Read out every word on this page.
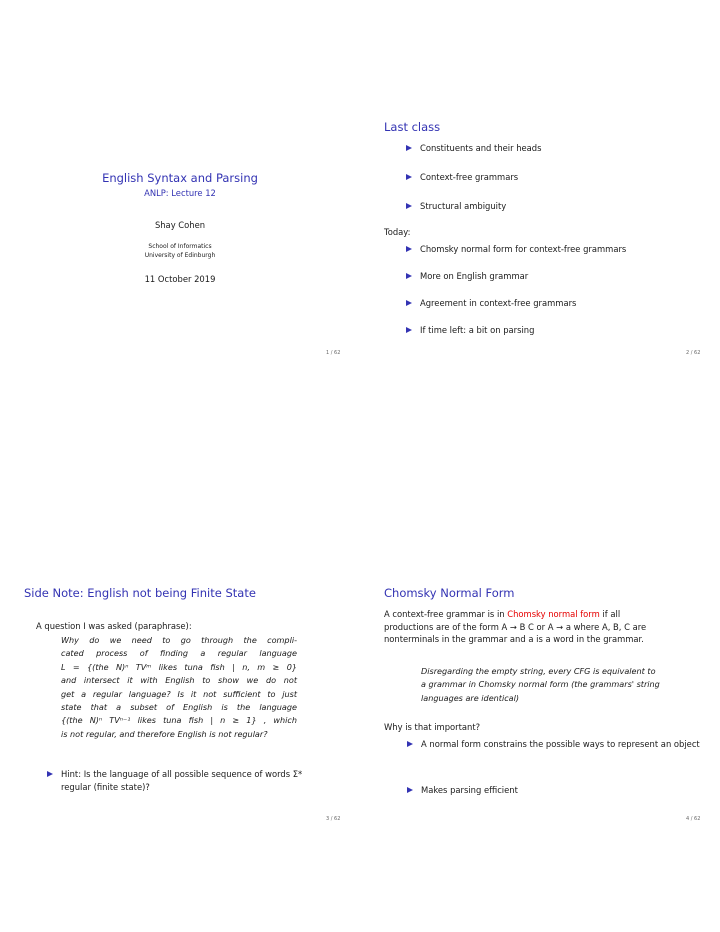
English Syntax and Parsing
ANLP: Lecture 12
Shay Cohen
School of Informatics
University of Edinburgh
11 October 2019
1 / 62
Last class
Constituents and their heads
Context-free grammars
Structural ambiguity
Today:
Chomsky normal form for context-free grammars
More on English grammar
Agreement in context-free grammars
If time left: a bit on parsing
2 / 62
Side Note: English not being Finite State
A question I was asked (paraphrase):
Why do we need to go through the compli-
cated process of finding a regular language
L = {(the N)ⁿ TVᵐ likes tuna fish | n, m ≥ 0}
and intersect it with English to show we do not
get a regular language? Is it not sufficient to just
state that a subset of English is the language
{(the N)ⁿ TVⁿ⁻¹ likes tuna fish | n ≥ 1} , which
is not regular, and therefore English is not regular?
Hint: Is the language of all possible sequence of words Σ*
regular (finite state)?
3 / 62
Chomsky Normal Form
A context-free grammar is in Chomsky normal form if all
productions are of the form A → B C or A → a where A, B, C are
nonterminals in the grammar and a is a word in the grammar.
Disregarding the empty string, every CFG is equivalent to
a grammar in Chomsky normal form (the grammars' string
languages are identical)
Why is that important?
A normal form constrains the possible ways to represent an object
Makes parsing efficient
4 / 62
